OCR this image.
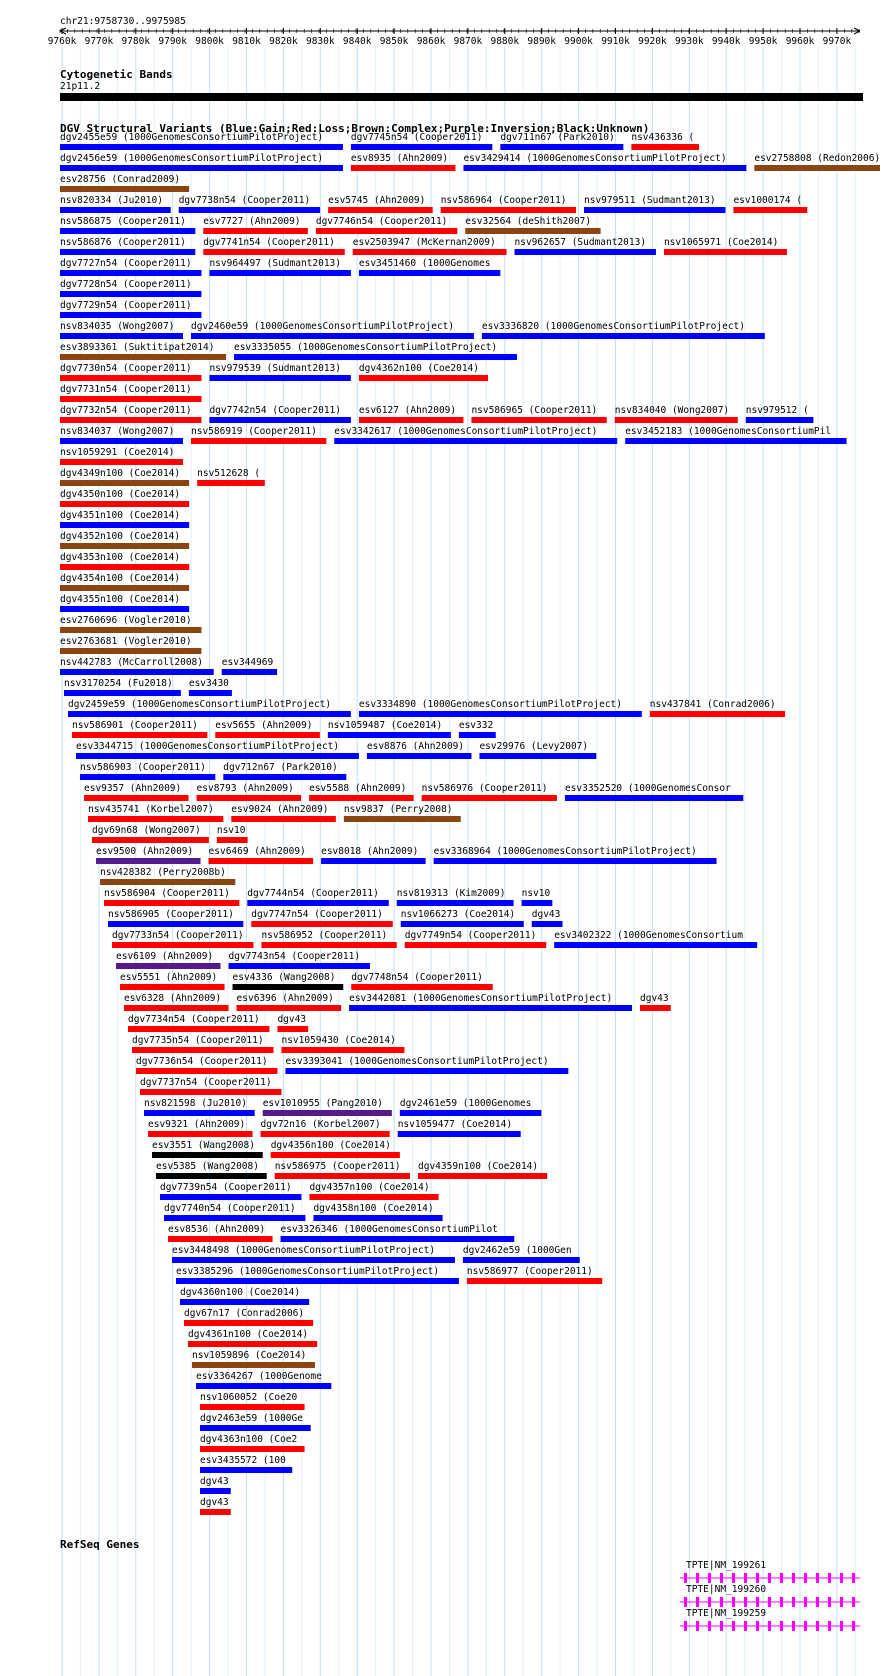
chr21:9758730..9975985
9760k 9770k 9780k 9790k 9800k 9810k 9820k 9830k 9840k 9850k 9860k 9870k 9880k 9890k 9900k 9910k 9920k 9930k 9940k 9950k 9960k 9970k
Cytogenetic Bands
21p11.2
DGV Structural Variants (Blue:Gain;Red:Loss;Brown:Complex;Purple:Inversion;Black:Unknown)
dgv2455e59 (1000GenomesConsortiumPilotProject)	dgv7745n54 (Cooper2011) dgv711n67 (Park2010) nsv436336 (
dgv2456e59 (1000GenomesConsortiumPilotProject)	esv8935 (Ahn2009) esv3429414 (1000GenomesConsortiumPilotProject)	esv2758808 (Redon2006)
esv28756 (Conrad2009)
nsv820334 (Ju2010) dgv7738n54 (Cooper2011) esv5745 (Ahn2009) nsv586964 (Cooper2011) nsv979511 (Sudmant2013) esv1000174 (
nsv586875 (Cooper2011) esv7727 (Ahn2009) dgv7746n54 (Cooper2011) esv32564 (deShith2007)
nsv586876 (Cooper2011) dgv7741n54 (Cooper2011) esv2503947 (McKernan2009) nsv962657 (Sudmant2013) nsv1065971 (Coe2014)
dgv7727n54 (Cooper2011) nsv964497 (Sudmant2013) esv3451460 (1000Genomes
dgv7728n54 (Cooper2011)
dgv7729n54 (Cooper2011)
nsv834035 (Wong2007) dgv2460e59 (1000GenomesConsortiumPilotProject)	esv3336820 (1000GenomesConsortiumPilotProject)
esv3893361 (Suktitipat2014) esv3335055 (1000GenomesConsortiumPilotProject)
dgv7730n54 (Cooper2011) nsv979539 (Sudmant2013) dgv4362n100 (Coe2014)
dgv7731n54 (Cooper2011)
dgv7732n54 (Cooper2011) dgv7742n54 (Cooper2011) esv6127 (Ahn2009) nsv586965 (Cooper2011) nsv834040 (Wong2007) nsv979512 (
nsv834037 (Wong2007) nsv586919 (Cooper2011) esv3342617 (1000GenomesConsortiumPilotProject)	esv3452183 (1000GenomesConsortiumPil
nsv1059291 (Coe2014)
dgv4349n100 (Coe2014) nsv512628 (
dgv4350n100 (Coe2014)
dgv4351n100 (Coe2014)
dgv4352n100 (Coe2014)
dgv4353n100 (Coe2014)
dgv4354n100 (Coe2014)
dgv4355n100 (Coe2014)
esv2760696 (Vogler2010)
esv2763681 (Vogler2010)
nsv442783 (McCarroll2008) esv344969
nsv3170254 (Fu2018) esv3430
dgv2459e59 (1000GenomesConsortiumPilotProject)	esv3334890 (1000GenomesConsortiumPilotProject)	nsv437841 (Conrad2006)
nsv586901 (Cooper2011) esv5655 (Ahn2009) nsv1059487 (Coe2014) esv332
esv3344715 (1000GenomesConsortiumPilotProject)	esv8876 (Ahn2009) esv29976 (Levy2007)
nsv586903 (Cooper2011) dgv712n67 (Park2010)
esv9357 (Ahn2009) esv8793 (Ahn2009) esv5588 (Ahn2009) nsv586976 (Cooper2011) esv3352520 (1000GenomesConsor
nsv435741 (Korbel2007) esv9024 (Ahn2009) nsv9837 (Perry2008)
dgv69n68 (Wong2007) nsv10
esv9500 (Ahn2009) esv6469 (Ahn2009) esv8018 (Ahn2009) esv3368964 (1000GenomesConsortiumPilotProject)
nsv428382 (Perry2008b)
nsv586904 (Cooper2011) dgv7744n54 (Cooper2011) nsv819313 (Kim2009) nsv10
nsv586905 (Cooper2011) dgv7747n54 (Cooper2011) nsv1066273 (Coe2014) dgv43
dgv7733n54 (Cooper2011) nsv586952 (Cooper2011) dgv7749n54 (Cooper2011) esv3402322 (1000GenomesConsortium
esv6109 (Ahn2009) dgv7743n54 (Cooper2011)
esv5551 (Ahn2009) esv4336 (Wang2008) dgv7748n54 (Cooper2011)
esv6328 (Ahn2009) esv6396 (Ahn2009) esv3442081 (1000GenomesConsortiumPilotProject)	dgv43
dgv7734n54 (Cooper2011) dgv43
dgv7735n54 (Cooper2011) nsv1059430 (Coe2014)
dgv7736n54 (Cooper2011) esv3393041 (1000GenomesConsortiumPilotProject)
dgv7737n54 (Cooper2011)
nsv821598 (Ju2010) esv1010955 (Pang2010) dgv2461e59 (1000Genomes
esv9321 (Ahn2009) dgv72n16 (Korbel2007) nsv1059477 (Coe2014)
esv3551 (Wang2008) dgv4356n100 (Coe2014)
esv5385 (Wang2008) nsv586975 (Cooper2011) dgv4359n100 (Coe2014)
dgv7739n54 (Cooper2011) dgv4357n100 (Coe2014)
dgv7740n54 (Cooper2011) dgv4358n100 (Coe2014)
esv8536 (Ahn2009) esv3326346 (1000GenomesConsortiumPilot
esv3448498 (1000GenomesConsortiumPilotProject)	dgv2462e59 (1000Gen
esv3385296 (1000GenomesConsortiumPilotProject)	nsv586977 (Cooper2011)
dgv4360n100 (Coe2014)
dgv67n17 (Conrad2006)
dgv4361n100 (Coe2014)
nsv1059896 (Coe2014)
esv3364267 (1000Genome
nsv1060052 (Coe20
dgv2463e59 (1000Ge
dgv4363n100 (Coe2
esv3435572 (100
dgv43
dgv43
RefSeq Genes
TPTE|NM_199261
TPTE|NM_199260
TPTE|NM_199259
